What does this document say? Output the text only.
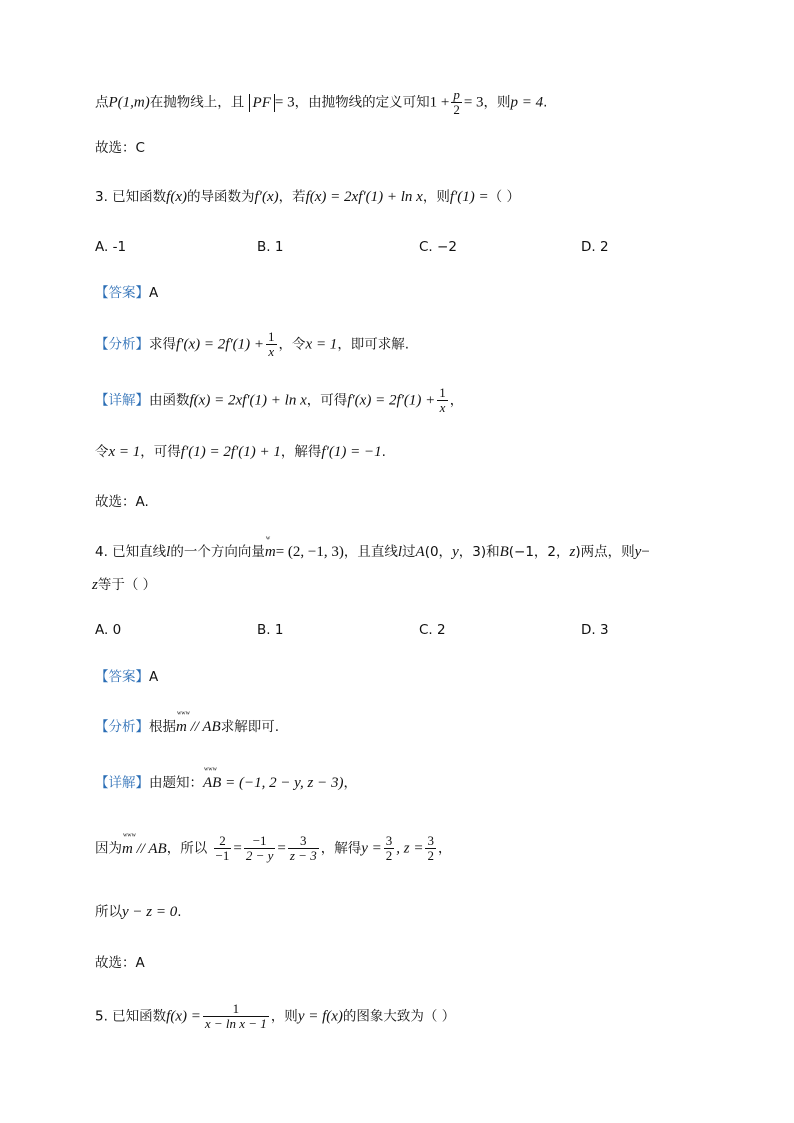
点P(1,m)在抛物线上，且 PF = 3，由抛物线的定义可知$1 + \frac{p}{2} = 3$，则p = 4.
故选：C
3. 已知函数f(x)的导函数为f′(x)，若f(x) = 2xf′(1) + ln x，则f′(1) =（ ）
A. -1	B. 1	C. −2	D. 2
【答案】A
【分析】求得$f'(x) = 2f'(1) + \frac{1}{x}$ ，令x = 1，即可求解.
【详解】由函数f(x) = 2xf′(1) + ln x，可得$f'(x) = 2f'(1) + \frac{1}{x}$ ，
令x = 1，可得f′(1) = 2f′(1) + 1，解得f′(1) = −1.
故选：A.
4. 已知直线l的一个方向向量ʷ m= (2, −1, 3)，且直线l过A(0，y，3)和B(−1，2，z)两点，则y−
z等于（ ）
A. 0	B. 1	C. 2	D. 3
【答案】A
【分析】根据ʷʷʷ m // AB求解即可.
【详解】由题知：ʷʷʷ AB = (−1, 2 − y, z − 3)，
因为ʷʷʷ m // AB，所以 $\frac{2}{-1} = \frac{-1}{2 - y} = \frac{3}{z - 3}$ ，解得$y = \frac{3}{2}$ , $z = \frac{3}{2}$ ，
所以y − z = 0.
故选：A
5. 已知函数$f(x) = \frac{1}{\text{x − ln x − 1}}$ ，则y = f(x)的图象大致为（ ）
